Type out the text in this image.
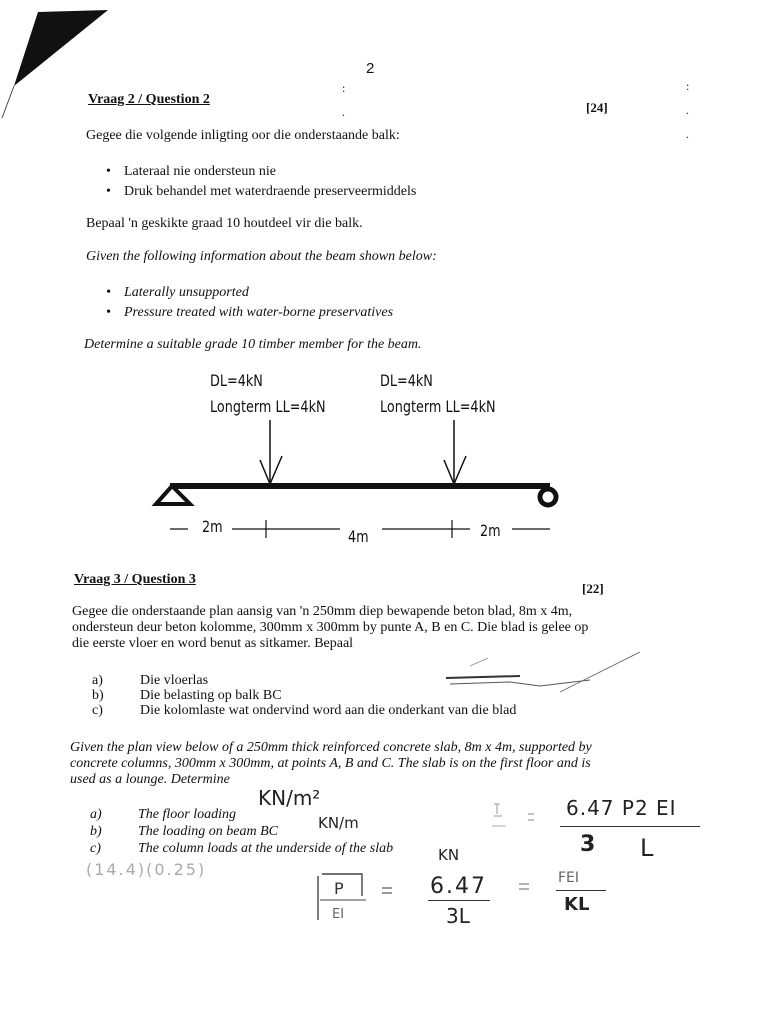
:

.

.
:

.
2
Vraag 2 / Question 2
[24]
Gegee die volgende inligting oor die onderstaande balk:
• Lateraal nie ondersteun nie
• Druk behandel met waterdraende preserveermiddels
Bepaal 'n geskikte graad 10 houtdeel vir die balk.
Given the following information about the beam shown below:
• Laterally unsupported
• Pressure treated with water-borne preservatives
Determine a suitable grade 10 timber member for the beam.
DL=4kN
Longterm LL=4kN
DL=4kN
Longterm LL=4kN
2m
4m	2m
Vraag 3 / Question 3
[22]
Gegee die onderstaande plan aansig van 'n 250mm diep bewapende beton blad, 8m x 4m,
ondersteun deur beton kolomme, 300mm x 300mm by punte A, B en C. Die blad is gelee op
die eerste vloer en word benut as sitkamer. Bepaal
a)	Die vloerlas
b)	Die belasting op balk BC
c)	Die kolomlaste wat ondervind word aan die onderkant van die blad
Given the plan view below of a 250mm thick reinforced concrete slab, 8m x 4m, supported by
concrete columns, 300mm x 300mm, at points A, B and C. The slab is on the first floor and is
used as a lounge. Determine
a)	The floor loading
b)	The loading on beam BC
c)	The column loads at the underside of the slab
KN/m²
KN/m
KN
(14.4)(0.25)
6.47 P2 EI
L
3
6.47
3L
P
EI
FEI
KL
